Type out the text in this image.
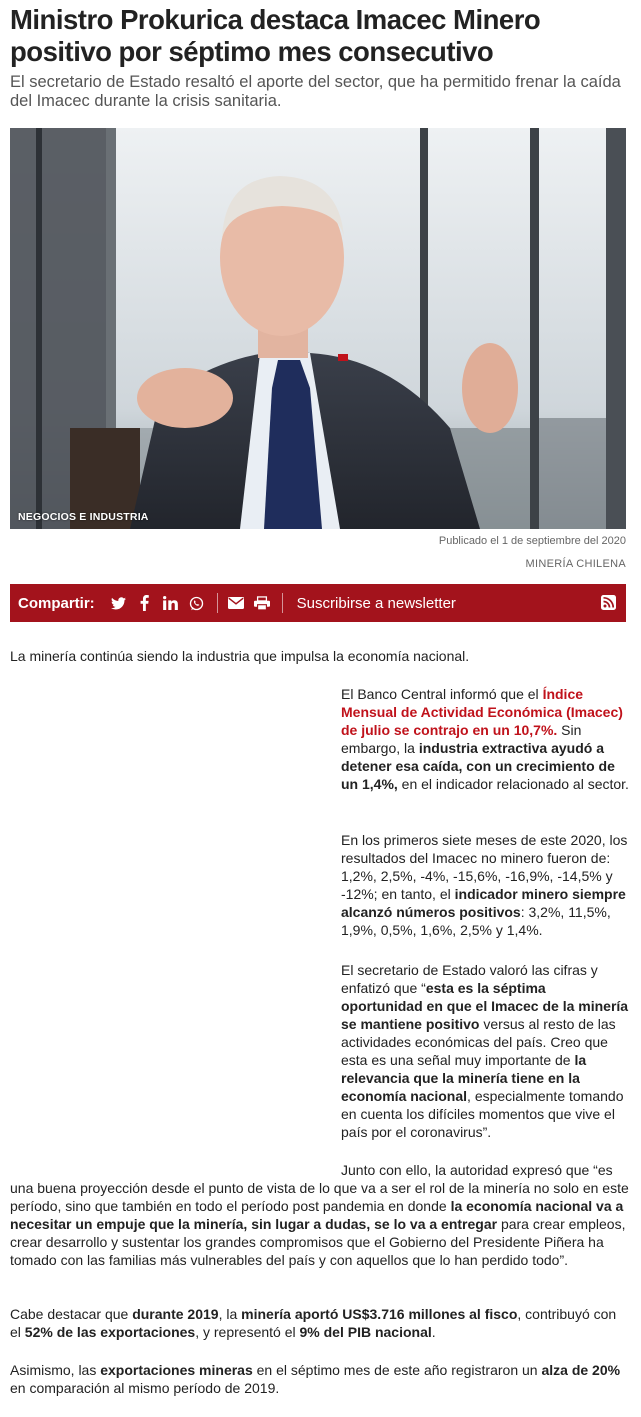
Ministro Prokurica destaca Imacec Minero positivo por séptimo mes consecutivo

El secretario de Estado resaltó el aporte del sector, que ha permitido frenar la caída del Imacec durante la crisis sanitaria.

NEGOCIOS E INDUSTRIA
Publicado el 1 de septiembre del 2020
MINERÍA CHILENA
Compartir:	Suscribirse a newsletter

La minería continúa siendo la industria que impulsa la economía nacional.

El Banco Central informó que el Índice Mensual de Actividad Económica (Imacec) de julio se contrajo en un 10,7%. Sin embargo, la industria extractiva ayudó a detener esa caída, con un crecimiento de un 1,4%, en el indicador relacionado al sector.

En los primeros siete meses de este 2020, los resultados del Imacec no minero fueron de: 1,2%, 2,5%, -4%, -15,6%, -16,9%, -14,5% y -12%; en tanto, el indicador minero siempre alcanzó números positivos: 3,2%, 11,5%, 1,9%, 0,5%, 1,6%, 2,5% y 1,4%.

El secretario de Estado valoró las cifras y enfatizó que “esta es la séptima oportunidad en que el Imacec de la minería se mantiene positivo versus al resto de las actividades económicas del país. Creo que esta es una señal muy importante de la relevancia que la minería tiene en la economía nacional, especialmente tomando en cuenta los difíciles momentos que vive el país por el coronavirus”.

Junto con ello, la autoridad expresó que “es una buena proyección desde el punto de vista de lo que va a ser el rol de la minería no solo en este período, sino que también en todo el período post pandemia en donde la economía nacional va a necesitar un empuje que la minería, sin lugar a dudas, se lo va a entregar para crear empleos, crear desarrollo y sustentar los grandes compromisos que el Gobierno del Presidente Piñera ha tomado con las familias más vulnerables del país y con aquellos que lo han perdido todo”.

Cabe destacar que durante 2019, la minería aportó US$3.716 millones al fisco, contribuyó con el 52% de las exportaciones, y representó el 9% del PIB nacional.

Asimismo, las exportaciones mineras en el séptimo mes de este año registraron un alza de 20% en comparación al mismo período de 2019.
